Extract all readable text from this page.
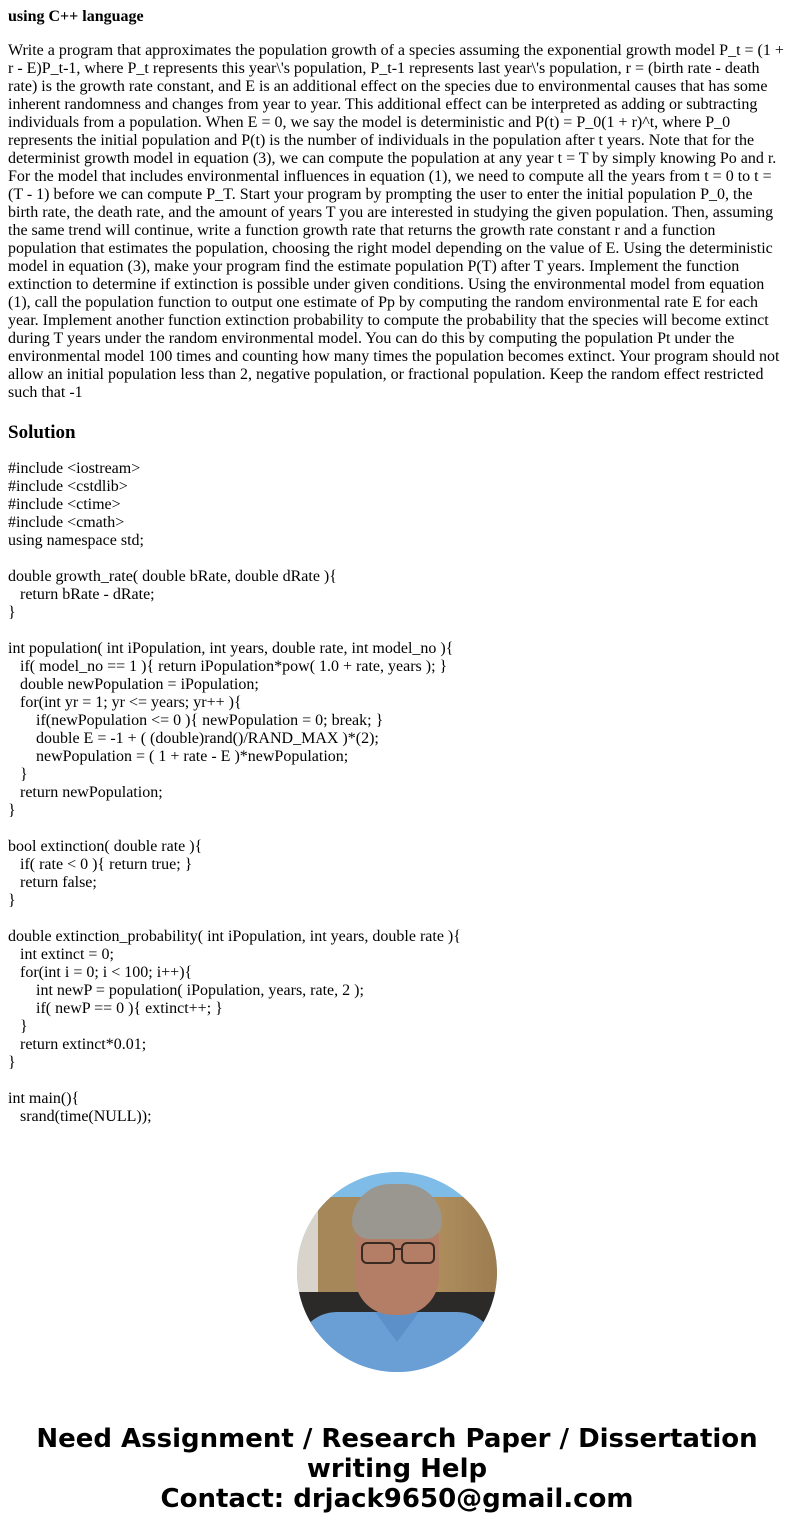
using C++ language
Write a program that approximates the population growth of a species assuming the exponential growth model P_t = (1 + r - E)P_t-1, where P_t represents this year\'s population, P_t-1 represents last year\'s population, r = (birth rate - death rate) is the growth rate constant, and E is an additional effect on the species due to environmental causes that has some inherent randomness and changes from year to year. This additional effect can be interpreted as adding or subtracting individuals from a population. When E = 0, we say the model is deterministic and P(t) = P_0(1 + r)^t, where P_0 represents the initial population and P(t) is the number of individuals in the population after t years. Note that for the determinist growth model in equation (3), we can compute the population at any year t = T by simply knowing Po and r. For the model that includes environmental influences in equation (1), we need to compute all the years from t = 0 to t = (T - 1) before we can compute P_T. Start your program by prompting the user to enter the initial population P_0, the birth rate, the death rate, and the amount of years T you are interested in studying the given population. Then, assuming the same trend will continue, write a function growth rate that returns the growth rate constant r and a function population that estimates the population, choosing the right model depending on the value of E. Using the deterministic model in equation (3), make your program find the estimate population P(T) after T years. Implement the function extinction to determine if extinction is possible under given conditions. Using the environmental model from equation (1), call the population function to output one estimate of Pp by computing the random environmental rate E for each year. Implement another function extinction probability to compute the probability that the species will become extinct during T years under the random environmental model. You can do this by computing the population Pt under the environmental model 100 times and counting how many times the population becomes extinct. Your program should not allow an initial population less than 2, negative population, or fractional population. Keep the random effect restricted such that -1
Solution
#include <iostream>
#include <cstdlib>
#include <ctime>
#include <cmath>
using namespace std;
double growth_rate( double bRate, double dRate ){
return bRate - dRate;
}
int population( int iPopulation, int years, double rate, int model_no ){
if( model_no == 1 ){ return iPopulation*pow( 1.0 + rate, years ); }
double newPopulation = iPopulation;
for(int yr = 1; yr <= years; yr++ ){
if(newPopulation <= 0 ){ newPopulation = 0; break; }
double E = -1 + ( (double)rand()/RAND_MAX )*(2);
newPopulation = ( 1 + rate - E )*newPopulation;
}
return newPopulation;
}
bool extinction( double rate ){
if( rate < 0 ){ return true; }
return false;
}
double extinction_probability( int iPopulation, int years, double rate ){
int extinct = 0;
for(int i = 0; i < 100; i++){
int newP = population( iPopulation, years, rate, 2 );
if( newP == 0 ){ extinct++; }
}
return extinct*0.01;
}
int main(){
srand(time(NULL));
Need Assignment / Research Paper / Dissertation
writing Help
Contact: drjack9650@gmail.com
